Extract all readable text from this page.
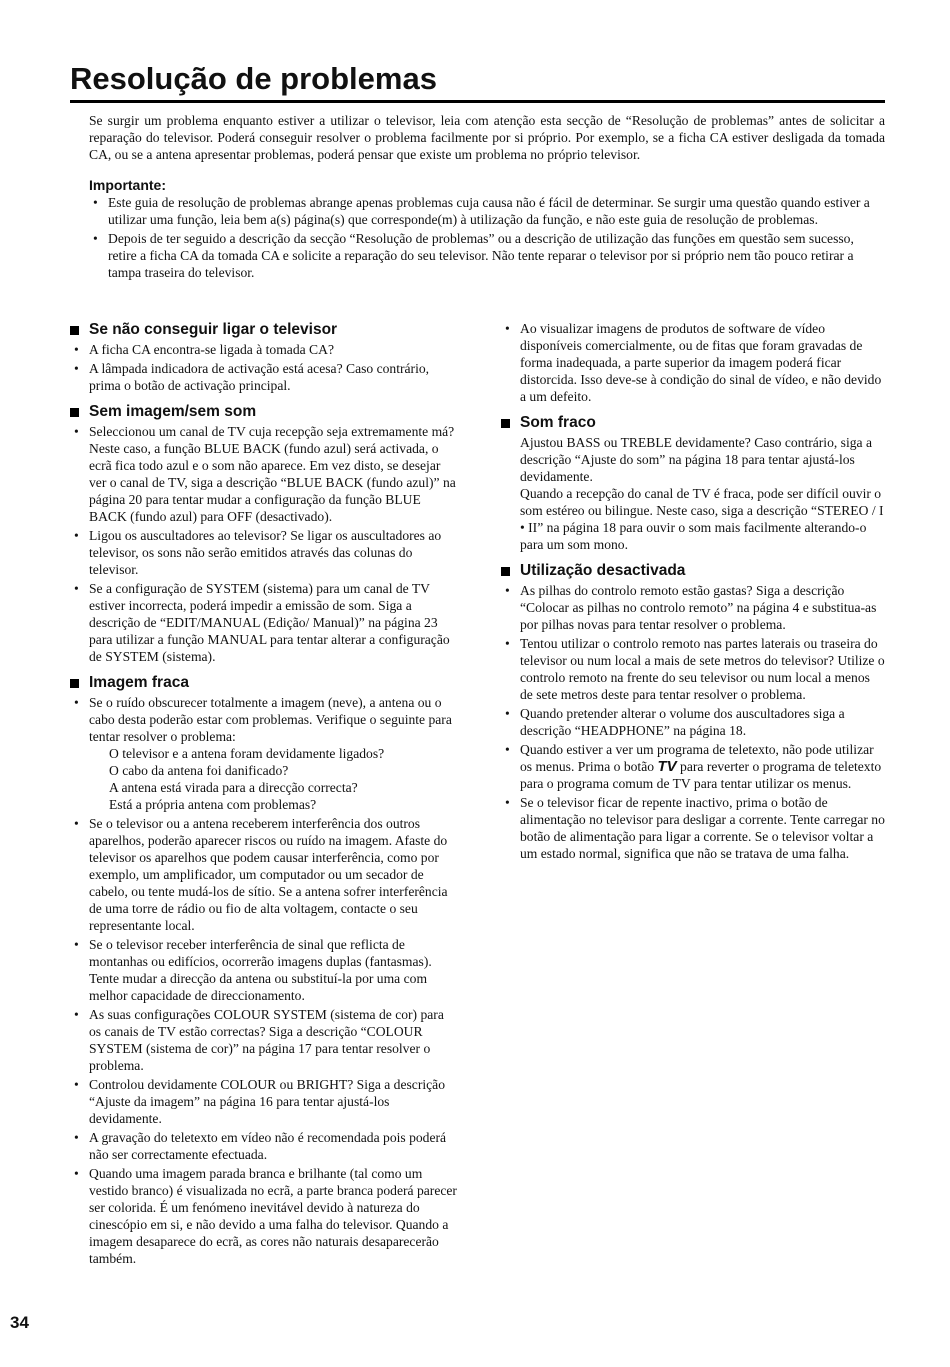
Resolução de problemas

Se surgir um problema enquanto estiver a utilizar o televisor, leia com atenção esta secção de “Resolução de problemas” antes de solicitar a reparação do televisor. Poderá conseguir resolver o problema facilmente por si próprio. Por exemplo, se a ficha CA estiver desligada da tomada CA, ou se a antena apresentar problemas, poderá pensar que existe um problema no próprio televisor.

Importante:
• Este guia de resolução de problemas abrange apenas problemas cuja causa não é fácil de determinar. Se surgir uma questão quando estiver a utilizar uma função, leia bem a(s) página(s) que corresponde(m) à utilização da função, e não este guia de resolução de problemas.
• Depois de ter seguido a descrição da secção “Resolução de problemas” ou a descrição de utilização das funções em questão sem sucesso, retire a ficha CA da tomada CA e solicite a reparação do seu televisor. Não tente reparar o televisor por si próprio nem tão pouco retirar a tampa traseira do televisor.
Se não conseguir ligar o televisor
• A ficha CA encontra-se ligada à tomada CA?
• A lâmpada indicadora de activação está acesa? Caso contrário, prima o botão de activação principal.
Sem imagem/sem som
• Seleccionou um canal de TV cuja recepção seja extremamente má? Neste caso, a função BLUE BACK (fundo azul) será activada, o ecrã fica todo azul e o som não aparece. Em vez disto, se desejar ver o canal de TV, siga a descrição “BLUE BACK (fundo azul)” na página 20 para tentar mudar a configuração da função BLUE BACK (fundo azul) para OFF (desactivado).
• Ligou os auscultadores ao televisor? Se ligar os auscultadores ao televisor, os sons não serão emitidos através das colunas do televisor.
• Se a configuração de SYSTEM (sistema) para um canal de TV estiver incorrecta, poderá impedir a emissão de som. Siga a descrição de “EDIT/MANUAL (Edição/ Manual)” na página 23 para utilizar a função MANUAL para tentar alterar a configuração de SYSTEM (sistema).
Imagem fraca
• Se o ruído obscurecer totalmente a imagem (neve), a antena ou o cabo desta poderão estar com problemas. Verifique o seguinte para tentar resolver o problema:
O televisor e a antena foram devidamente ligados?
O cabo da antena foi danificado?
A antena está virada para a direcção correcta?
Está a própria antena com problemas?
• Se o televisor ou a antena receberem interferência dos outros aparelhos, poderão aparecer riscos ou ruído na imagem. Afaste do televisor os aparelhos que podem causar interferência, como por exemplo, um amplificador, um computador ou um secador de cabelo, ou tente mudá-los de sítio. Se a antena sofrer interferência de uma torre de rádio ou fio de alta voltagem, contacte o seu representante local.
• Se o televisor receber interferência de sinal que reflicta de montanhas ou edifícios, ocorrerão imagens duplas (fantasmas). Tente mudar a direcção da antena ou substituí-la por uma com melhor capacidade de direccionamento.
• As suas configurações COLOUR SYSTEM (sistema de cor) para os canais de TV estão correctas? Siga a descrição “COLOUR SYSTEM (sistema de cor)” na página 17 para tentar resolver o problema.
• Controlou devidamente COLOUR ou BRIGHT? Siga a descrição “Ajuste da imagem” na página 16 para tentar ajustá-los devidamente.
• A gravação do teletexto em vídeo não é recomendada pois poderá não ser correctamente efectuada.
• Quando uma imagem parada branca e brilhante (tal como um vestido branco) é visualizada no ecrã, a parte branca poderá parecer ser colorida. É um fenómeno inevitável devido à natureza do cinescópio em si, e não devido a uma falha do televisor. Quando a imagem desaparece do ecrã, as cores não naturais desaparecerão também.
• Ao visualizar imagens de produtos de software de vídeo disponíveis comercialmente, ou de fitas que foram gravadas de forma inadequada, a parte superior da imagem poderá ficar distorcida. Isso deve-se à condição do sinal de vídeo, e não devido a um defeito.
Som fraco

Ajustou BASS ou TREBLE devidamente? Caso contrário, siga a descrição “Ajuste do som” na página 18 para tentar ajustá-los devidamente.

Quando a recepção do canal de TV é fraca, pode ser difícil ouvir o som estéreo ou bilingue. Neste caso, siga a descrição “STEREO / I • II” na página 18 para ouvir o som mais facilmente alterando-o para um som mono.

Utilização desactivada
• As pilhas do controlo remoto estão gastas? Siga a descrição “Colocar as pilhas no controlo remoto” na página 4 e substitua-as por pilhas novas para tentar resolver o problema.
• Tentou utilizar o controlo remoto nas partes laterais ou traseira do televisor ou num local a mais de sete metros do televisor? Utilize o controlo remoto na frente do seu televisor ou num local a menos de sete metros deste para tentar resolver o problema.
• Quando pretender alterar o volume dos auscultadores siga a descrição “HEADPHONE” na página 18.
• Quando estiver a ver um programa de teletexto, não pode utilizar os menus. Prima o botão TV para reverter o programa de teletexto para o programa comum de TV para tentar utilizar os menus.
• Se o televisor ficar de repente inactivo, prima o botão de alimentação no televisor para desligar a corrente. Tente carregar no botão de alimentação para ligar a corrente. Se o televisor voltar a um estado normal, significa que não se tratava de uma falha.
34
